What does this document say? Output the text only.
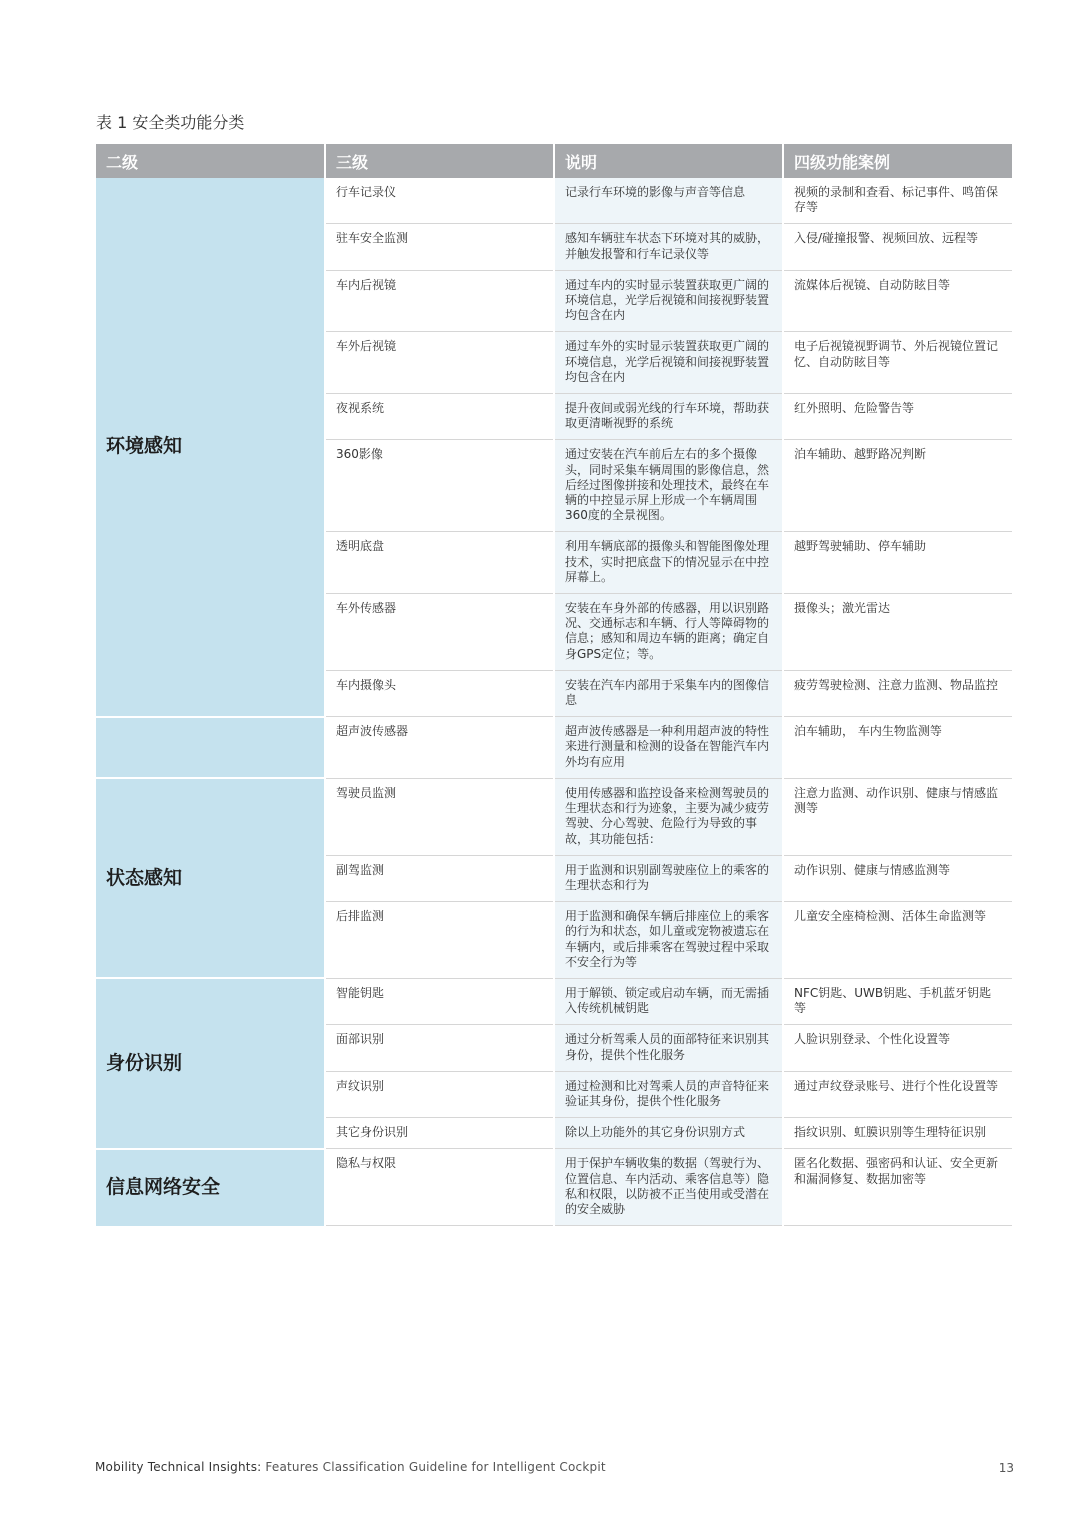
表 1 安全类功能分类
二级	三级	说明	四级功能案例
环境感知	行车记录仪	记录行车环境的影像与声音等信息	视频的录制和查看、标记事件、鸣笛保存等
	驻车安全监测	感知车辆驻车状态下环境对其的威胁，并触发报警和行车记录仪等	入侵/碰撞报警、视频回放、远程等
	车内后视镜	通过车内的实时显示装置获取更广阔的环境信息，光学后视镜和间接视野装置均包含在内	流媒体后视镜、自动防眩目等
	车外后视镜	通过车外的实时显示装置获取更广阔的环境信息，光学后视镜和间接视野装置均包含在内	电子后视镜视野调节、外后视镜位置记忆、自动防眩目等
	夜视系统	提升夜间或弱光线的行车环境，帮助获取更清晰视野的系统	红外照明、危险警告等
	360影像	通过安装在汽车前后左右的多个摄像头，同时采集车辆周围的影像信息，然后经过图像拼接和处理技术，最终在车辆的中控显示屏上形成一个车辆周围360度的全景视图。	泊车辅助、越野路况判断
	透明底盘	利用车辆底部的摄像头和智能图像处理技术，实时把底盘下的情况显示在中控屏幕上。	越野驾驶辅助、停车辅助
	车外传感器	安装在车身外部的传感器，用以识别路况、交通标志和车辆、行人等障碍物的信息；感知和周边车辆的距离；确定自身GPS定位；等。	摄像头；激光雷达
	车内摄像头	安装在汽车内部用于采集车内的图像信息	疲劳驾驶检测、注意力监测、物品监控
	超声波传感器	超声波传感器是一种利用超声波的特性来进行测量和检测的设备在智能汽车内外均有应用	泊车辅助， 车内生物监测等
状态感知	驾驶员监测	使用传感器和监控设备来检测驾驶员的生理状态和行为迹象，主要为减少疲劳驾驶、分心驾驶、危险行为导致的事故，其功能包括：	注意力监测、动作识别、健康与情感监测等
	副驾监测	用于监测和识别副驾驶座位上的乘客的生理状态和行为	动作识别、健康与情感监测等
	后排监测	用于监测和确保车辆后排座位上的乘客的行为和状态，如儿童或宠物被遗忘在车辆内，或后排乘客在驾驶过程中采取不安全行为等	儿童安全座椅检测、活体生命监测等
身份识别	智能钥匙	用于解锁、锁定或启动车辆，而无需插入传统机械钥匙	NFC钥匙、UWB钥匙、手机蓝牙钥匙等
	面部识别	通过分析驾乘人员的面部特征来识别其身份，提供个性化服务	人脸识别登录、个性化设置等
	声纹识别	通过检测和比对驾乘人员的声音特征来验证其身份，提供个性化服务	通过声纹登录账号、进行个性化设置等
	其它身份识别	除以上功能外的其它身份识别方式	指纹识别、虹膜识别等生理特征识别
信息网络安全	隐私与权限	用于保护车辆收集的数据（驾驶行为、位置信息、车内活动、乘客信息等）隐私和权限，以防被不正当使用或受潜在的安全威胁	匿名化数据、强密码和认证、安全更新和漏洞修复、数据加密等
Mobility Technical Insights: Features Classification Guideline for Intelligent Cockpit	13
